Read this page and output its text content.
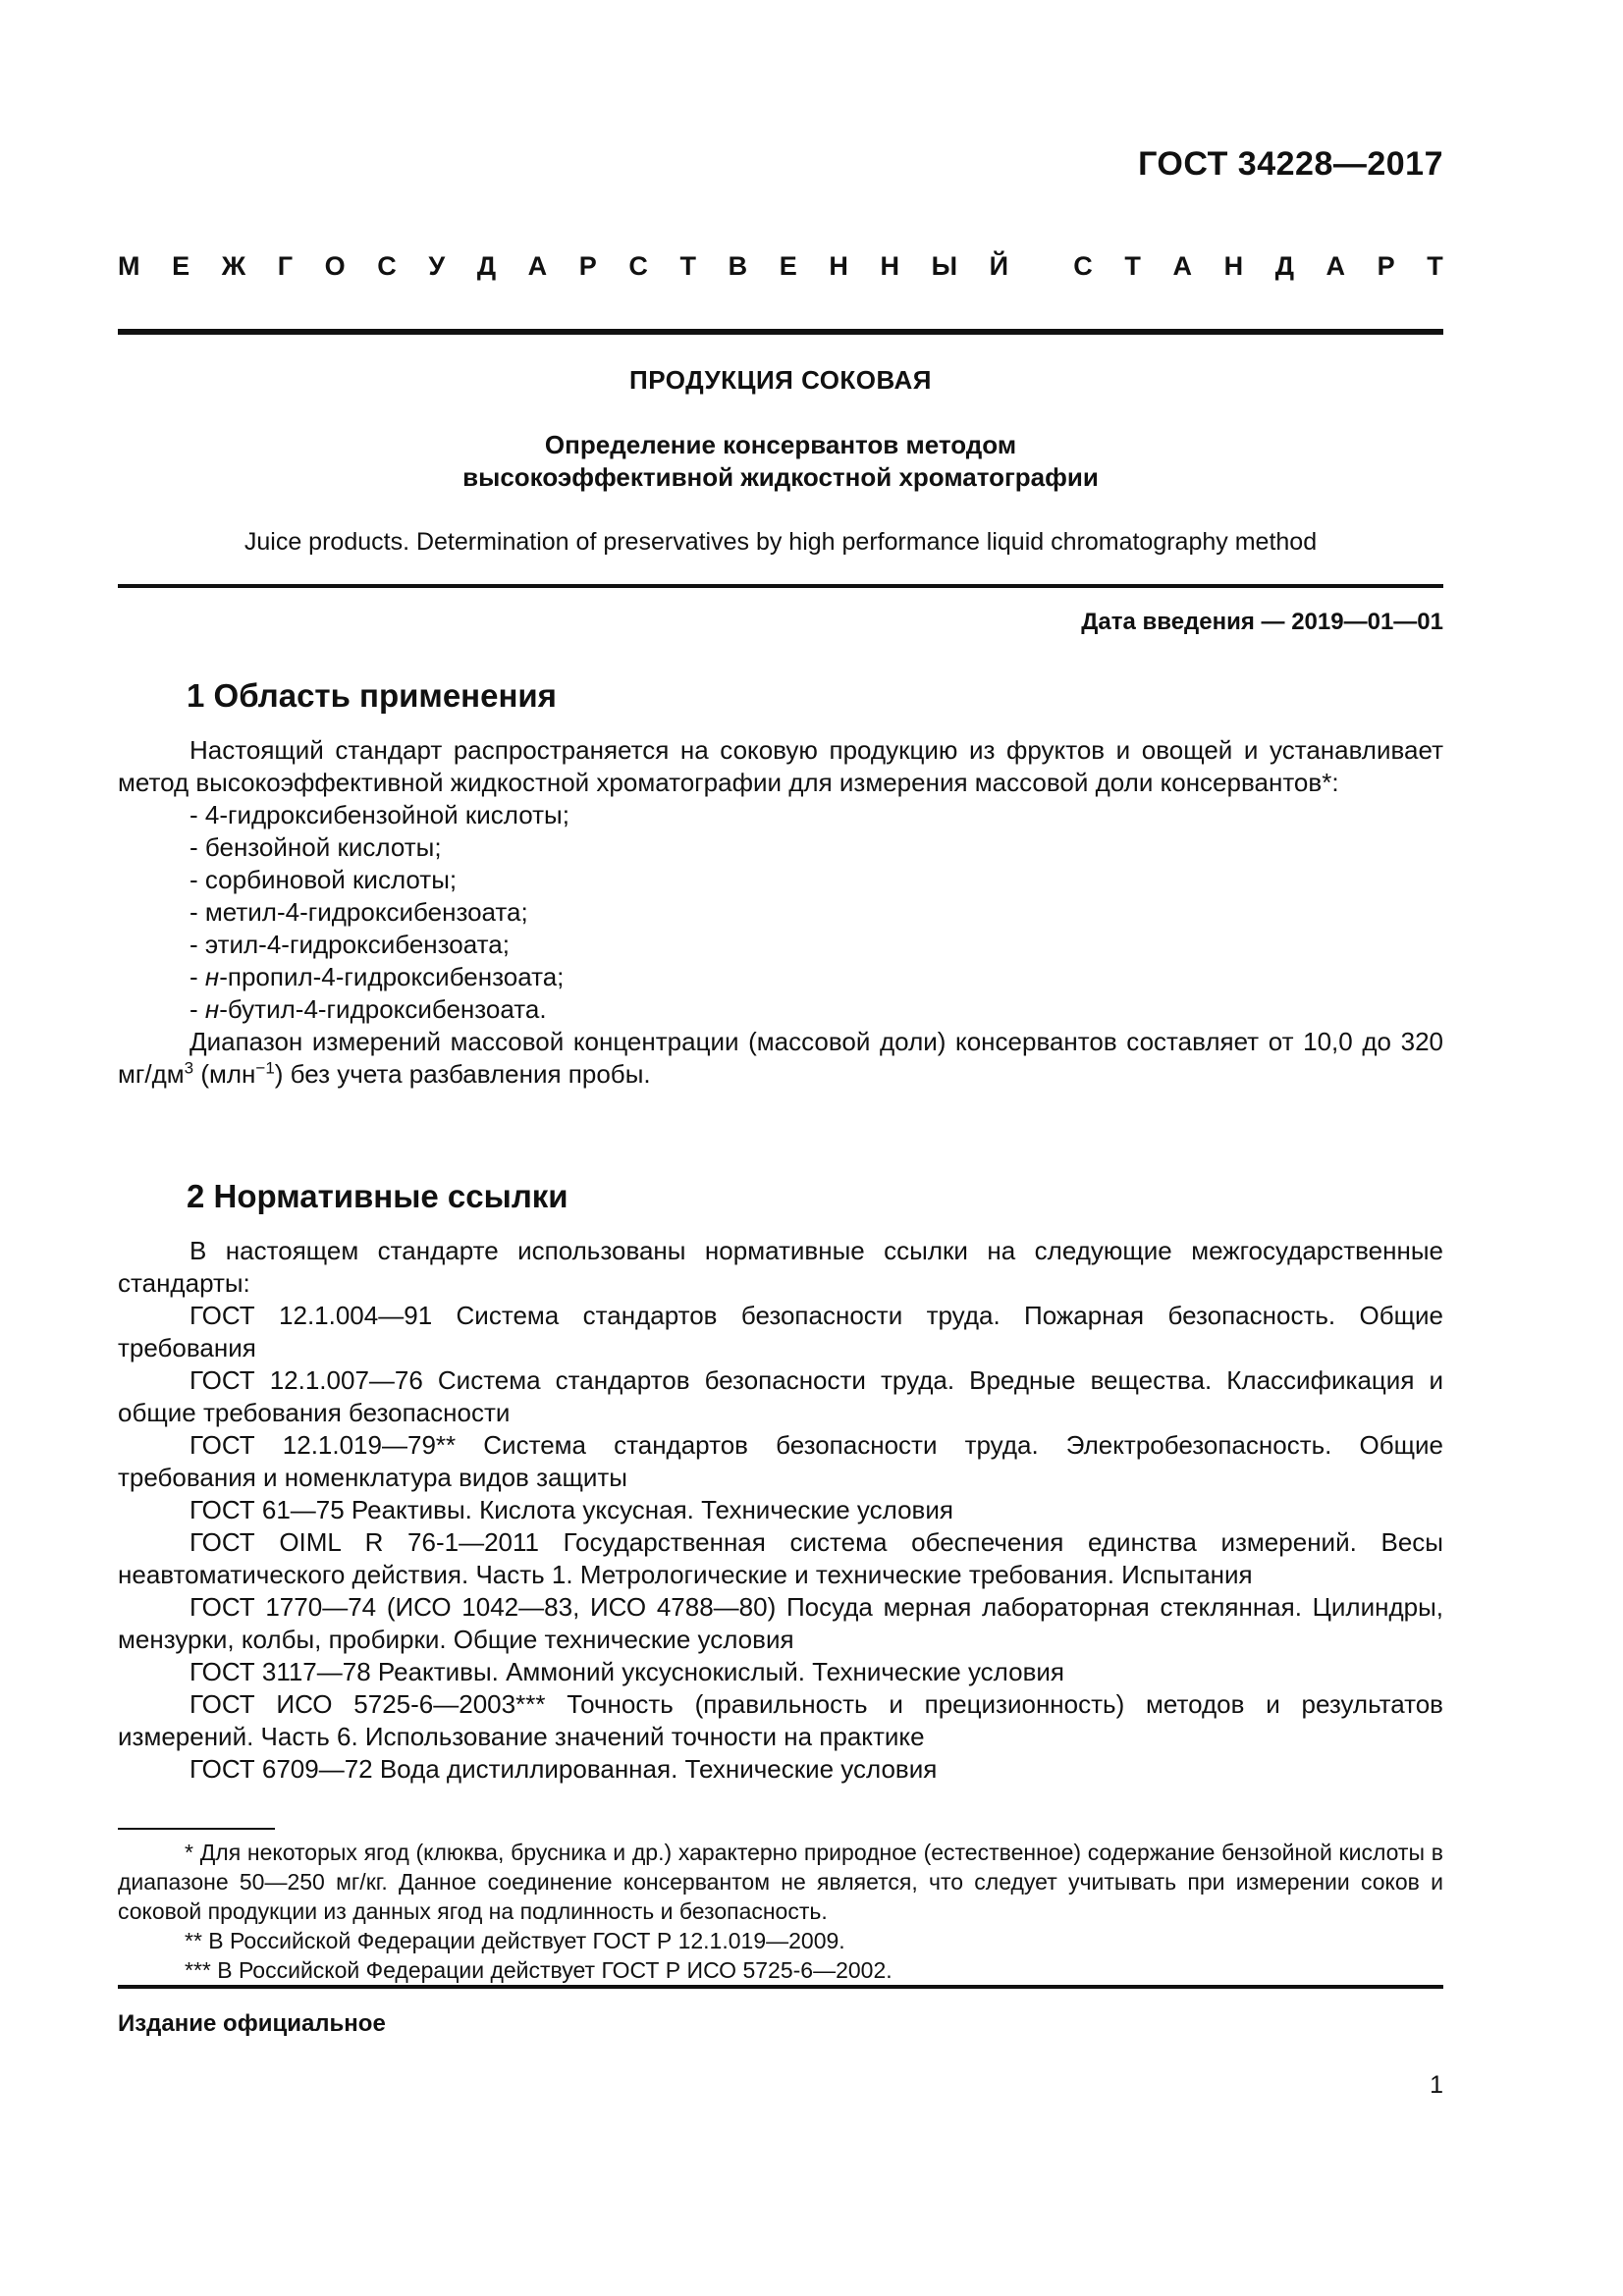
ГОСТ 34228—2017
М Е Ж Г О С У Д А Р С Т В Е Н Н Ы Й С Т А Н Д А Р Т
ПРОДУКЦИЯ СОКОВАЯ
Определение консервантов методом
высокоэффективной жидкостной хроматографии
Juice products. Determination of preservatives by high performance liquid chromatography method
Дата введения — 2019—01—01
1 Область применения

Настоящий стандарт распространяется на соковую продукцию из фруктов и овощей и устанавливает метод высокоэффективной жидкостной хроматографии для измерения массовой доли консервантов*:

- 4-гидроксибензойной кислоты;
- бензойной кислоты;
- сорбиновой кислоты;
- метил-4-гидроксибензоата;
- этил-4-гидроксибензоата;
- н-пропил-4-гидроксибензоата;
- н-бутил-4-гидроксибензоата.

Диапазон измерений массовой концентрации (массовой доли) консервантов составляет от 10,0 до 320 $мг/дм^3$ (млн$^{-1}$) без учета разбавления пробы.

2 Нормативные ссылки

В настоящем стандарте использованы нормативные ссылки на следующие межгосударственные стандарты:

ГОСТ 12.1.004—91 Система стандартов безопасности труда. Пожарная безопасность. Общие требования

ГОСТ 12.1.007—76 Система стандартов безопасности труда. Вредные вещества. Классификация и общие требования безопасности

ГОСТ 12.1.019—79** Система стандартов безопасности труда. Электробезопасность. Общие требования и номенклатура видов защиты

ГОСТ 61—75 Реактивы. Кислота уксусная. Технические условия

ГОСТ OIML R 76-1—2011 Государственная система обеспечения единства измерений. Весы неавтоматического действия. Часть 1. Метрологические и технические требования. Испытания

ГОСТ 1770—74 (ИСО 1042—83, ИСО 4788—80) Посуда мерная лабораторная стеклянная. Цилиндры, мензурки, колбы, пробирки. Общие технические условия

ГОСТ 3117—78 Реактивы. Аммоний уксуснокислый. Технические условия

ГОСТ ИСО 5725-6—2003*** Точность (правильность и прецизионность) методов и результатов измерений. Часть 6. Использование значений точности на практике

ГОСТ 6709—72 Вода дистиллированная. Технические условия

* Для некоторых ягод (клюква, брусника и др.) характерно природное (естественное) содержание бензойной кислоты в диапазоне 50—250 мг/кг. Данное соединение консервантом не является, что следует учитывать при измерении соков и соковой продукции из данных ягод на подлинность и безопасность.

** В Российской Федерации действует ГОСТ Р 12.1.019—2009.

*** В Российской Федерации действует ГОСТ Р ИСО 5725-6—2002.

Издание официальное
1
